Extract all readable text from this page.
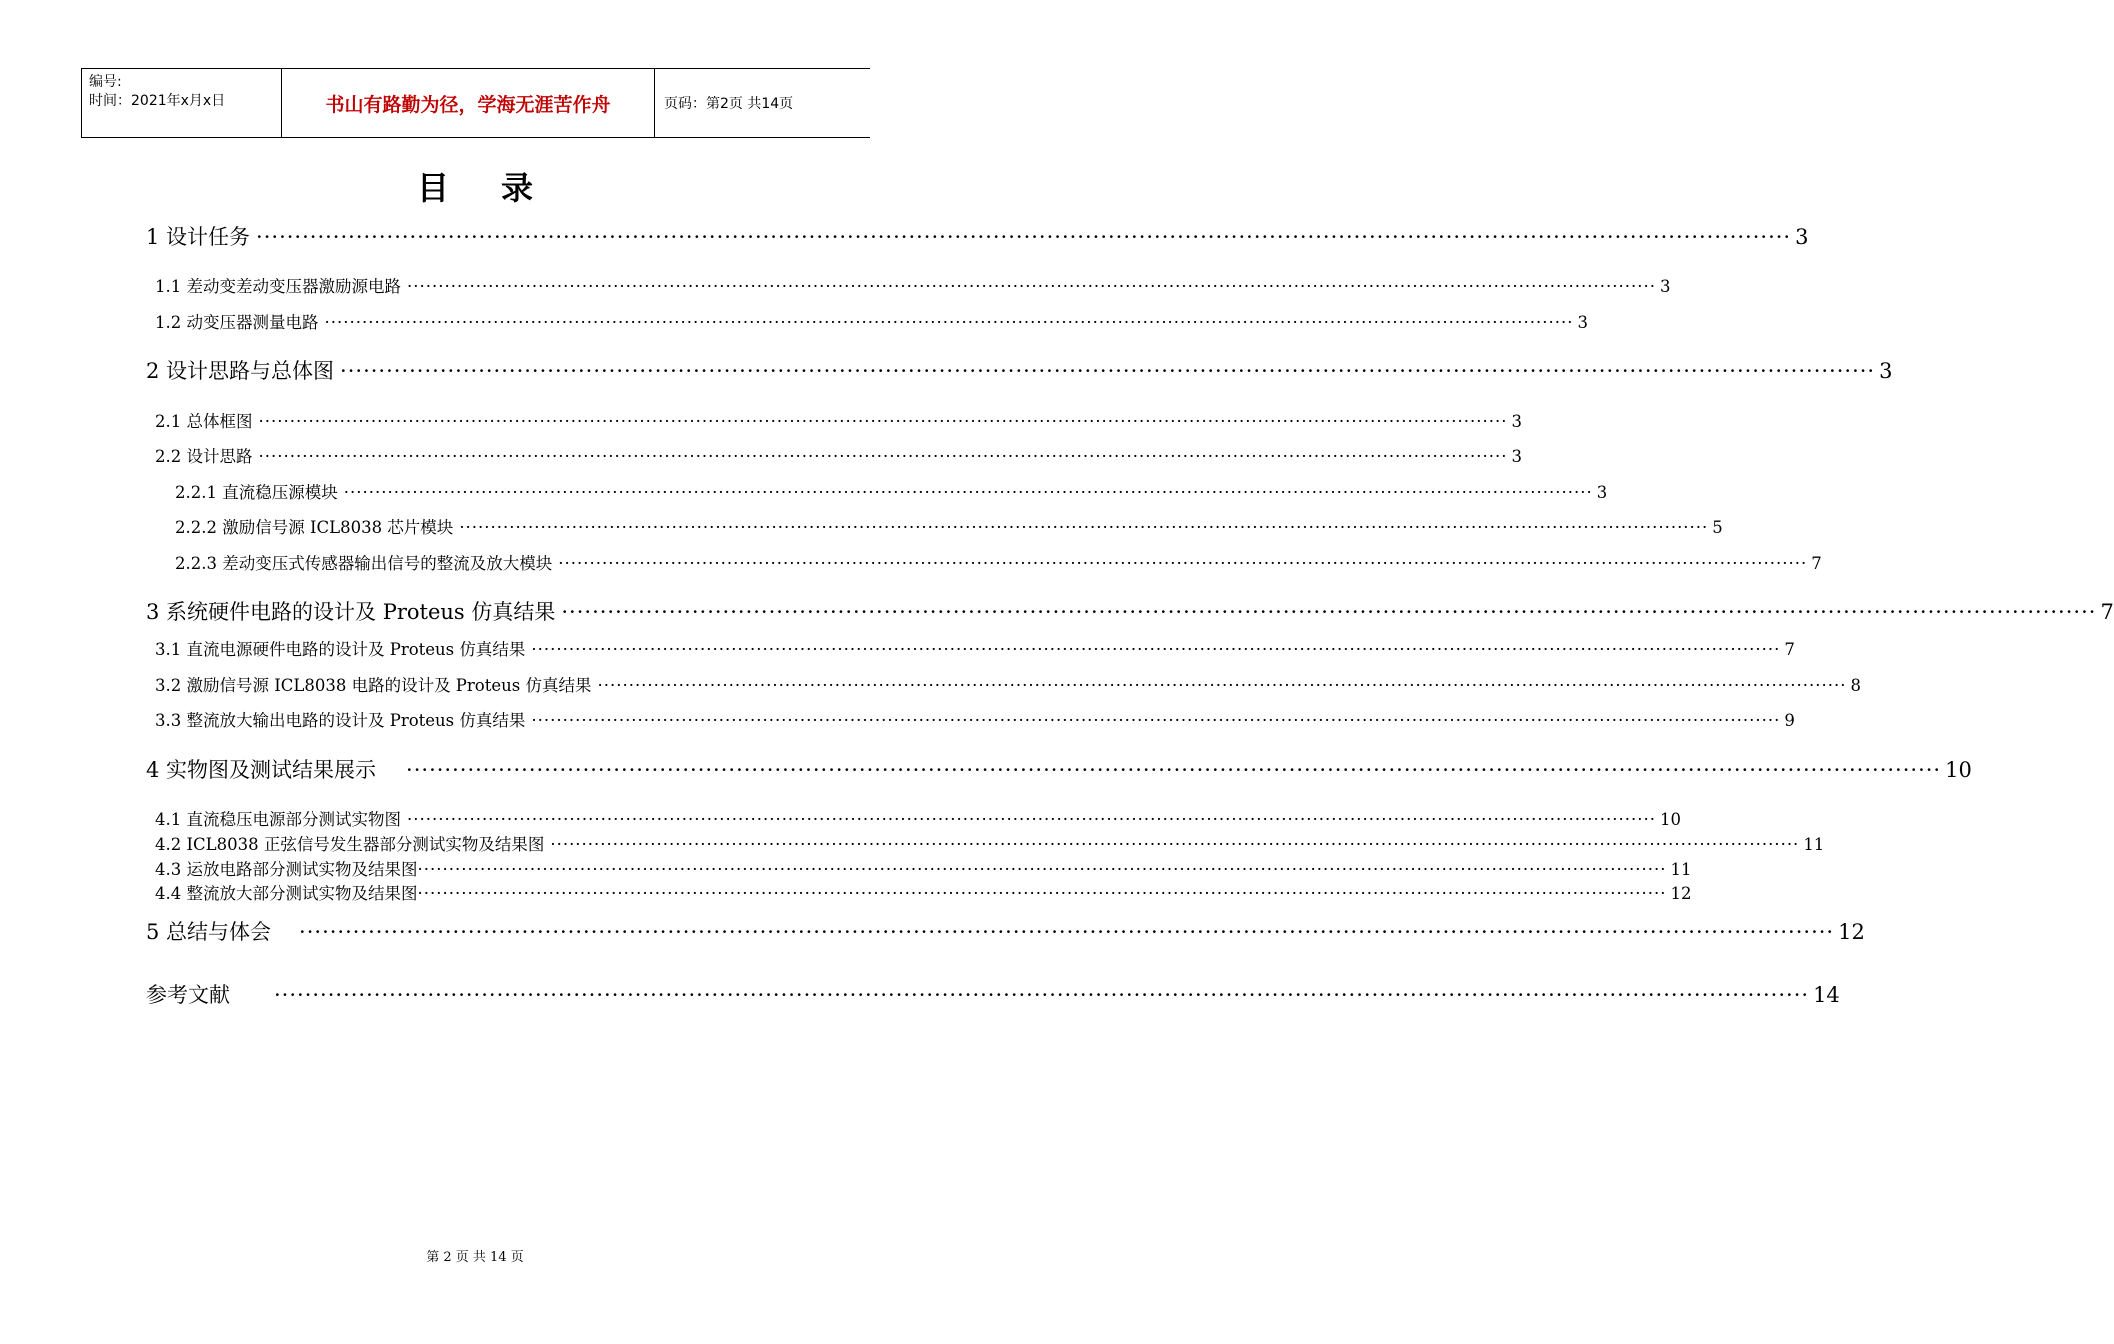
编号:
时间：2021年x月x日	书山有路勤为径，学海无涯苦作舟	页码：第2页 共14页
目录
1 设计任务 ········································································································································································································ 3
1.1 差动变差动变压器激励源电路 ········································································································································································································ 3
1.2 动变压器测量电路 ········································································································································································································ 3
2 设计思路与总体图 ········································································································································································································ 3
2.1 总体框图 ········································································································································································································ 3
2.2 设计思路 ········································································································································································································ 3
2.2.1 直流稳压源模块 ········································································································································································································ 3
2.2.2 激励信号源 ICL8038 芯片模块 ········································································································································································································ 5
2.2.3 差动变压式传感器输出信号的整流及放大模块 ········································································································································································································ 7
3 系统硬件电路的设计及 Proteus 仿真结果 ········································································································································································································ 7
3.1 直流电源硬件电路的设计及 Proteus 仿真结果 ········································································································································································································ 7
3.2 激励信号源 ICL8038 电路的设计及 Proteus 仿真结果 ········································································································································································································ 8
3.3 整流放大输出电路的设计及 Proteus 仿真结果 ········································································································································································································ 9
4 实物图及测试结果展示 ········································································································································································································ 10
4.1 直流稳压电源部分测试实物图 ········································································································································································································ 10
4.2 ICL8038 正弦信号发生器部分测试实物及结果图 ········································································································································································································ 11
4.3 运放电路部分测试实物及结果图 ········································································································································································································ 11
4.4 整流放大部分测试实物及结果图 ········································································································································································································ 12
5 总结与体会 ········································································································································································································ 12
参考文献 ········································································································································································································ 14
第 2 页 共 14 页
